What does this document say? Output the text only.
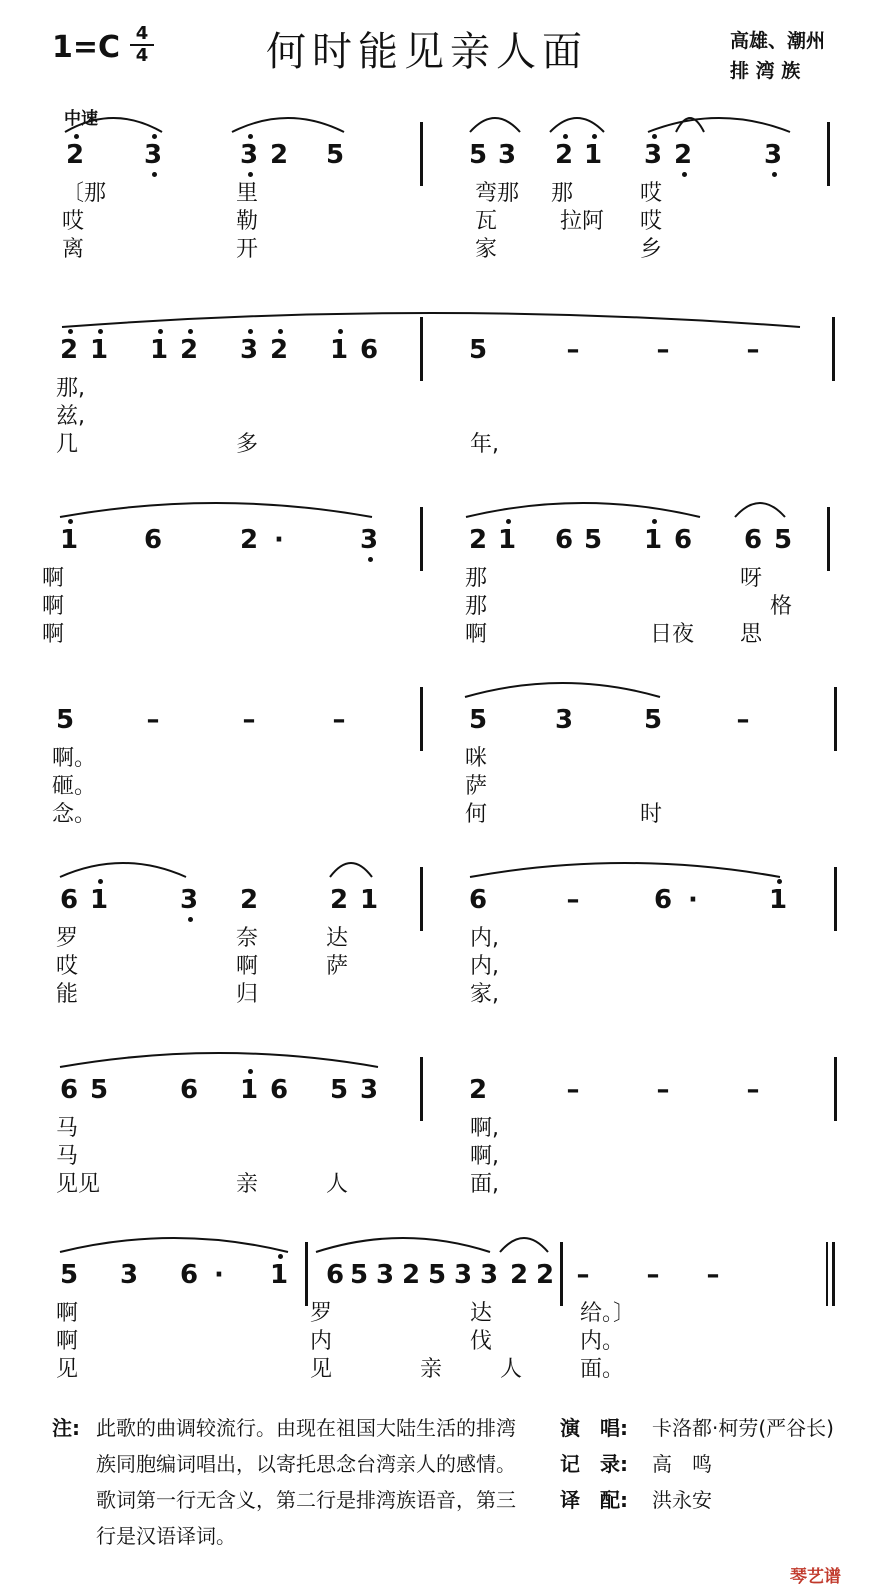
1=C 4
4	何时能见亲人面	高雄、潮州
排 湾 族
中速
2 3	3 2 5	5 3 2 1 3 2	3
〔那	里	弯那 那	哎
哎	勒	瓦	拉阿 哎
离	开	家	乡
2 1 1 2 3 2 1 6	5	–	–	–
那,
兹,
几	多	年,
1	6	2 ·	3	2 1 6 5 1 6 6 5
啊	那	呀
啊	那	格
啊	啊	日夜 思
5	–	–	–	5	3	5	–
啊。	咪
砸。	萨
念。	何	时
6 1	3 2	2 1	6	–	6 ·	1
罗	奈	达	内,
哎	啊	萨	内,
能	归	家,
6 5	6 1 6 5 3	2	–	–	–
马	啊,
马	啊,
见见	亲	人	面,
5 3 6 ·	1 6 5 3 2 5 3 3 2 2 – – –
啊	罗	达	给。〕
啊	内	伐	内。
见	见	亲	人	面。
注: 此歌的曲调较流行。由现在祖国大陆生活的排湾族同胞编词唱出，以寄托思念台湾亲人的感情。歌词第一行无含义，第二行是排湾族语音，第三行是汉语译词。
演　唱:	卡洛都·柯劳(严谷长)
记　录:	高　鸣
译　配:	洪永安
琴艺谱
